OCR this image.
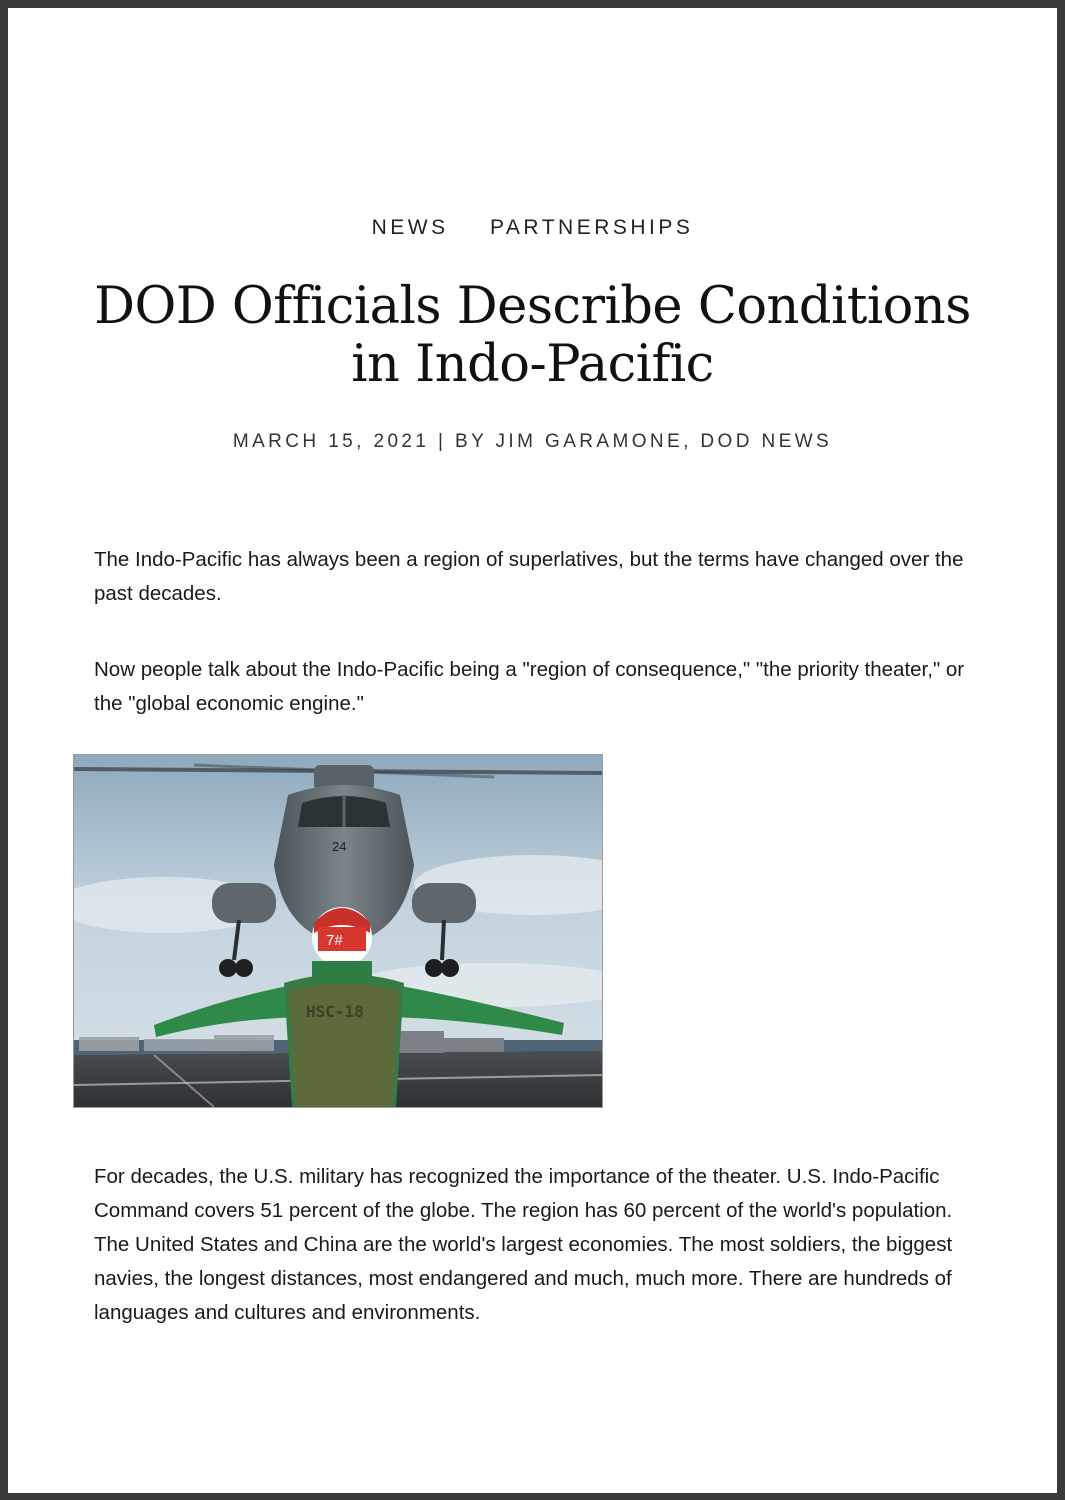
NEWS PARTNERSHIPS
DOD Officials Describe Conditions
in Indo-Pacific
MARCH 15, 2021 | BY JIM GARAMONE, DOD NEWS

The Indo-Pacific has always been a region of superlatives, but the terms have changed over the past decades.

Now people talk about the Indo-Pacific being a "region of consequence," "the priority theater," or the "global economic engine."

24
HSC-18
7#

For decades, the U.S. military has recognized the importance of the theater. U.S. Indo-Pacific Command covers 51 percent of the globe. The region has 60 percent of the world's population. The United States and China are the world's largest economies. The most soldiers, the biggest navies, the longest distances, most endangered and much, much more. There are hundreds of languages and cultures and environments.
